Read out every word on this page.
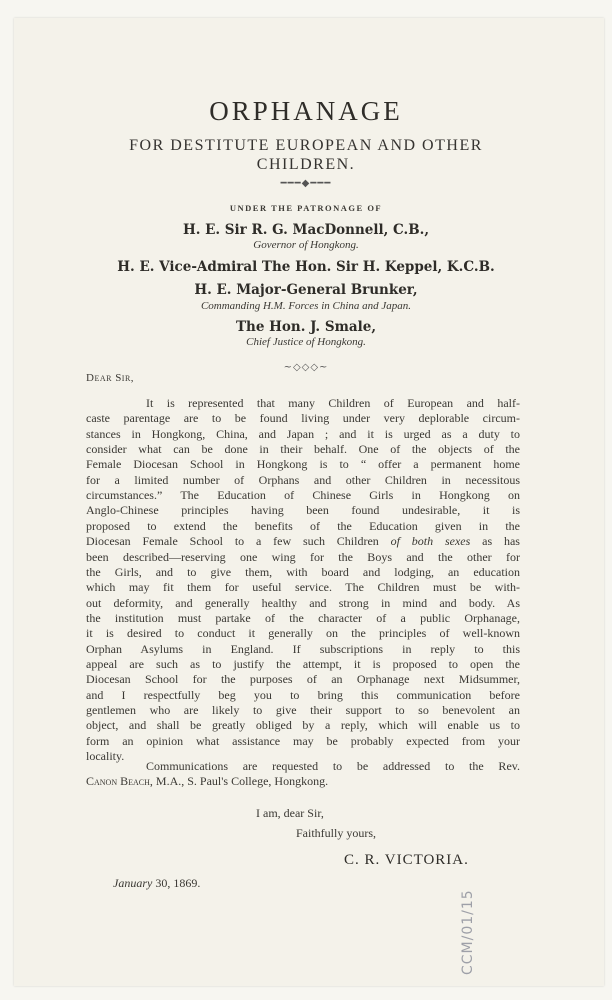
ORPHANAGE
FOR DESTITUTE EUROPEAN AND OTHER
CHILDREN.
━━━◆━━━
UNDER THE PATRONAGE OF
H. E. Sir R. G. MacDonnell, C.B.,
Governor of Hongkong.
H. E. Vice-Admiral The Hon. Sir H. Keppel, K.C.B.
H. E. Major-General Brunker,
Commanding H.M. Forces in China and Japan.
The Hon. J. Smale,
Chief Justice of Hongkong.
~◇◇◇~
Dear Sir,
It is represented that many Children of European and half-
caste parentage are to be found living under very deplorable circum-
stances in Hongkong, China, and Japan ; and it is urged as a duty to
consider what can be done in their behalf. One of the objects of the
Female Diocesan School in Hongkong is to “ offer a permanent home
for a limited number of Orphans and other Children in necessitous
circumstances.” The Education of Chinese Girls in Hongkong on
Anglo-Chinese principles having been found undesirable, it is
proposed to extend the benefits of the Education given in the
Diocesan Female School to a few such Children of both sexes as has
been described—reserving one wing for the Boys and the other for
the Girls, and to give them, with board and lodging, an education
which may fit them for useful service. The Children must be with-
out deformity, and generally healthy and strong in mind and body. As
the institution must partake of the character of a public Orphanage,
it is desired to conduct it generally on the principles of well-known
Orphan Asylums in England. If subscriptions in reply to this
appeal are such as to justify the attempt, it is proposed to open the
Diocesan School for the purposes of an Orphanage next Midsummer,
and I respectfully beg you to bring this communication before
gentlemen who are likely to give their support to so benevolent an
object, and shall be greatly obliged by a reply, which will enable us to
form an opinion what assistance may be probably expected from your
locality.
Communications are requested to be addressed to the Rev.
Canon Beach, M.A., S. Paul's College, Hongkong.
I am, dear Sir,
Faithfully yours,
C. R. VICTORIA.
January 30, 1869.
CCM/01/15
